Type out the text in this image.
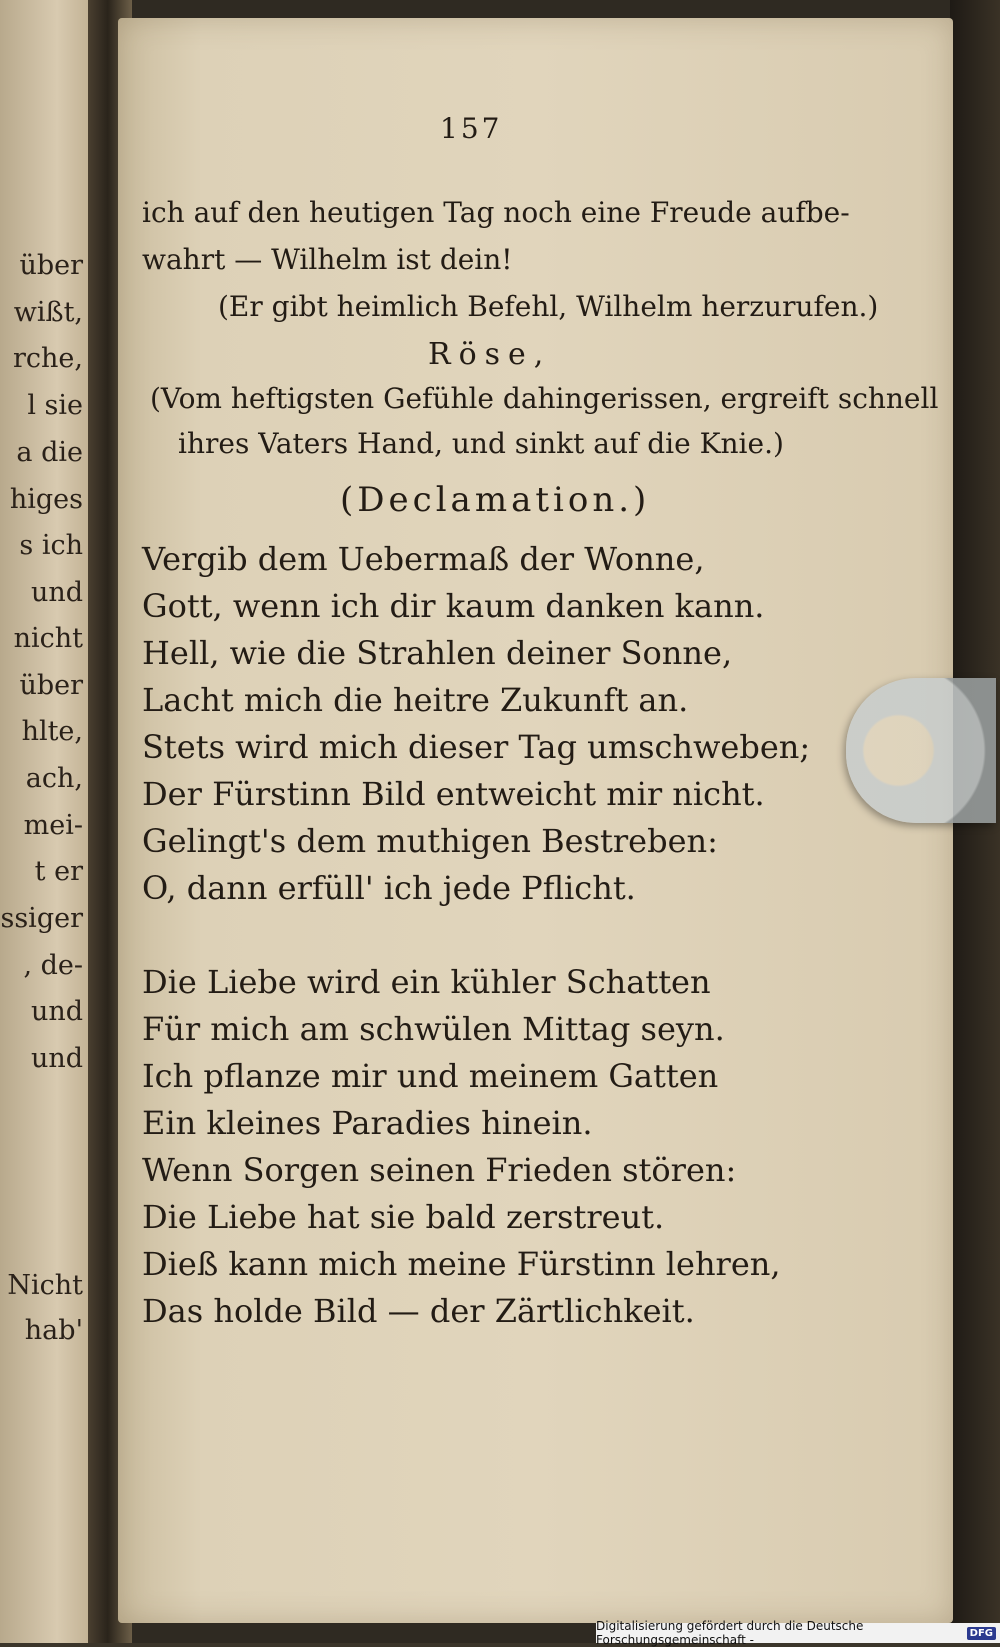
über
wißt,
rche,
l sie
a die
higes
s ich
und
nicht
über
hlte,
ach,
mei-
t er
ssiger
, de-
und
und
Nicht
hab'
157
ich auf den heutigen Tag noch eine Freude aufbe-
wahrt — Wilhelm ist dein!
(Er gibt heimlich Befehl, Wilhelm herzurufen.)
Röse,
(Vom heftigsten Gefühle dahingerissen, ergreift schnell
ihres Vaters Hand, und sinkt auf die Knie.)
(Declamation.)
Vergib dem Uebermaß der Wonne,
Gott, wenn ich dir kaum danken kann.
Hell, wie die Strahlen deiner Sonne,
Lacht mich die heitre Zukunft an.
Stets wird mich dieser Tag umschweben;
Der Fürstinn Bild entweicht mir nicht.
Gelingt's dem muthigen Bestreben:
O, dann erfüll' ich jede Pflicht.
Die Liebe wird ein kühler Schatten
Für mich am schwülen Mittag seyn.
Ich pflanze mir und meinem Gatten
Ein kleines Paradies hinein.
Wenn Sorgen seinen Frieden stören:
Die Liebe hat sie bald zerstreut.
Dieß kann mich meine Fürstinn lehren,
Das holde Bild — der Zärtlichkeit.
Digitalisierung gefördert durch die Deutsche Forschungsgemeinschaft -	DFG
